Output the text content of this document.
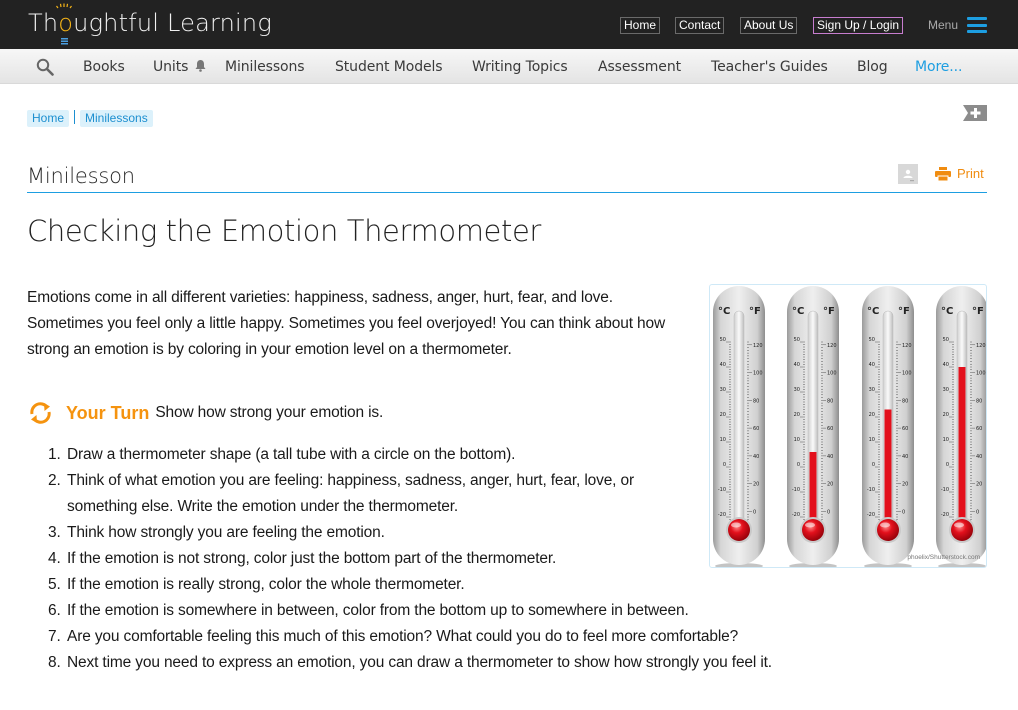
Th o ughtful Learning	Home	Contact	About Us	Sign Up / Login	Menu
Books Units	Minilessons Student Models Writing Topics Assessment Teacher's Guides Blog More...
Home	Minilessons
Minilesson	Print
Checking the Emotion Thermometer

Emotions come in all different varieties: happiness, sadness, anger, hurt, fear, and love. Sometimes you feel only a little happy. Sometimes you feel overjoyed! You can think about how strong an emotion is by coloring in your emotion level on a thermometer.

°C °F
50
40
30
20
10
0
-10
-20
120
100
80
60
40
20
0
°C °F
50
40
30
20
10
0
-10
-20
120
100
80
60
40
20
0
°C °F
50
40
30
20
10
0
-10
-20
120
100
80
60
40
20
0
°C °F
50
40
30
20
10
0
-10
-20
120
100
80
60
40
20
0
phoelix/Shutterstock.com
Your Turn Show how strong your emotion is.
1. Draw a thermometer shape (a tall tube with a circle on the bottom).
2. Think of what emotion you are feeling: happiness, sadness, anger, hurt, fear, love, or something else. Write the emotion under the thermometer.
3. Think how strongly you are feeling the emotion.
4. If the emotion is not strong, color just the bottom part of the thermometer.
5. If the emotion is really strong, color the whole thermometer.
6. If the emotion is somewhere in between, color from the bottom up to somewhere in between.
7. Are you comfortable feeling this much of this emotion? What could you do to feel more comfortable?
8. Next time you need to express an emotion, you can draw a thermometer to show how strongly you feel it.
